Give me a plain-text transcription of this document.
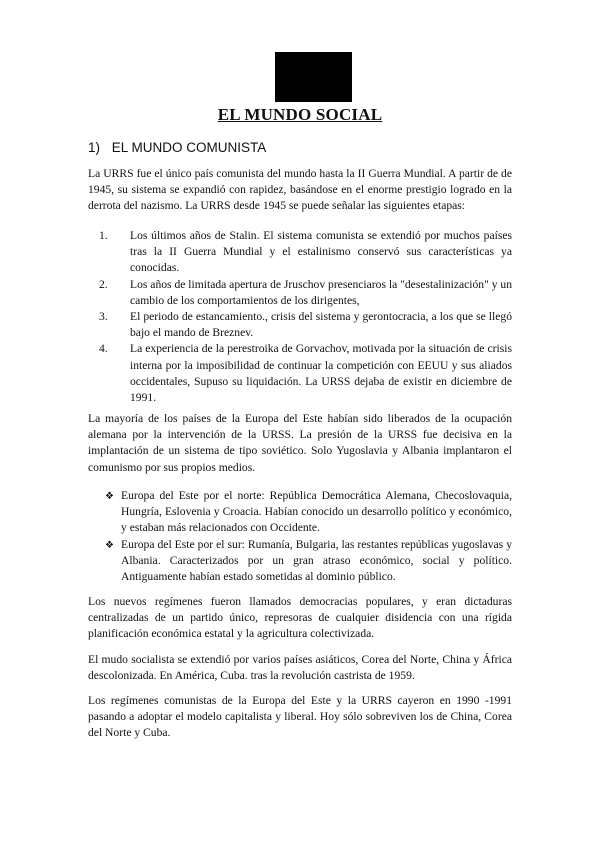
EL MUNDO SOCIAL
1) EL MUNDO COMUNISTA

La URRS fue el único país comunista del mundo hasta la II Guerra Mundial. A partir de de 1945, su sistema se expandió con rapidez, basándose en el enorme prestigio logrado en la derrota del nazismo. La URRS desde 1945 se puede señalar las siguientes etapas:

1.	Los últimos años de Stalin. El sistema comunista se extendió por muchos países tras la II Guerra Mundial y el estalinismo conservó sus características ya conocidas.
2.	Los años de limitada apertura de Jruschov presenciaros la "desestalinización" y un cambio de los comportamientos de los dirigentes,
3.	El periodo de estancamiento., crisis del sistema y gerontocracia, a los que se llegó bajo el mando de Breznev.
4.	La experiencia de la perestroika de Gorvachov, motivada por la situación de crisis interna por la imposibilidad de continuar la competición con EEUU y sus aliados occidentales, Supuso su liquidación. La URSS dejaba de existir en diciembre de 1991.

La mayoría de los países de la Europa del Este habían sido liberados de la ocupación alemana por la intervención de la URSS. La presión de la URSS fue decisiva en la implantación de un sistema de tipo soviético. Solo Yugoslavia y Albania implantaron el comunismo por sus propios medios.

❖ Europa del Este por el norte: República Democrática Alemana, Checoslovaquia, Hungría, Eslovenia y Croacia. Habían conocido un desarrollo político y económico, y estaban más relacionados con Occidente.
❖ Europa del Este por el sur: Rumanía, Bulgaria, las restantes repúblicas yugoslavas y Albania. Caracterizados por un gran atraso económico, social y político. Antiguamente habían estado sometidas al dominio público.

Los nuevos regímenes fueron llamados democracias populares, y eran dictaduras centralizadas de un partido único, represoras de cualquier disidencia con una rígida planificación económica estatal y la agricultura colectivizada.

El mudo socialista se extendió por varios países asiáticos, Corea del Norte, China y África descolonizada. En América, Cuba. tras la revolución castrista de 1959.

Los regímenes comunistas de la Europa del Este y la URRS cayeron en 1990 -1991 pasando a adoptar el modelo capitalista y liberal. Hoy sólo sobreviven los de China, Corea del Norte y Cuba.
